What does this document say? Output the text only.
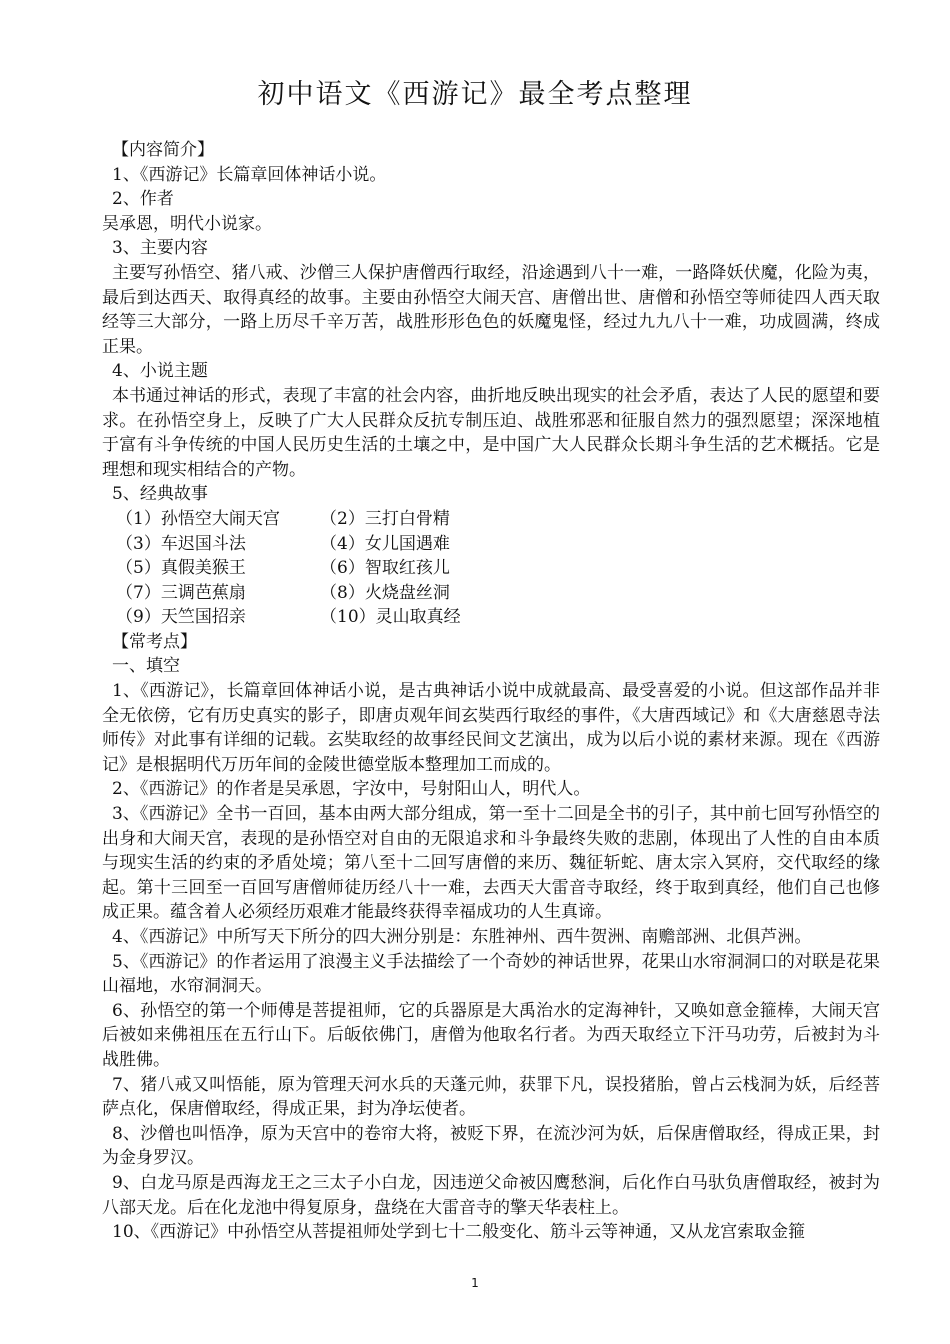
初中语文《西游记》最全考点整理
【内容简介】
1、《西游记》长篇章回体神话小说。
2、作者
吴承恩，明代小说家。
3、主要内容
主要写孙悟空、猪八戒、沙僧三人保护唐僧西行取经，沿途遇到八十一难，一路降妖伏魔，化险为夷，最后到达西天、取得真经的故事。主要由孙悟空大闹天宫、唐僧出世、唐僧和孙悟空等师徒四人西天取经等三大部分，一路上历尽千辛万苦，战胜形形色色的妖魔鬼怪，经过九九八十一难，功成圆满，终成正果。
4、小说主题
本书通过神话的形式，表现了丰富的社会内容，曲折地反映出现实的社会矛盾，表达了人民的愿望和要求。在孙悟空身上，反映了广大人民群众反抗专制压迫、战胜邪恶和征服自然力的强烈愿望；深深地植于富有斗争传统的中国人民历史生活的土壤之中，是中国广大人民群众长期斗争生活的艺术概括。它是理想和现实相结合的产物。
5、经典故事
（1）孙悟空大闹天宫	（2）三打白骨精
（3）车迟国斗法	（4）女儿国遇难
（5）真假美猴王	（6）智取红孩儿
（7）三调芭蕉扇	（8）火烧盘丝洞
（9）天竺国招亲	（10）灵山取真经
【常考点】
一、填空
1、《西游记》，长篇章回体神话小说，是古典神话小说中成就最高、最受喜爱的小说。但这部作品并非全无依傍，它有历史真实的影子，即唐贞观年间玄奘西行取经的事件，《大唐西域记》和《大唐慈恩寺法师传》对此事有详细的记载。玄奘取经的故事经民间文艺演出，成为以后小说的素材来源。现在《西游记》是根据明代万历年间的金陵世德堂版本整理加工而成的。
2、《西游记》的作者是吴承恩，字汝中，号射阳山人，明代人。
3、《西游记》全书一百回，基本由两大部分组成，第一至十二回是全书的引子，其中前七回写孙悟空的出身和大闹天宫，表现的是孙悟空对自由的无限追求和斗争最终失败的悲剧，体现出了人性的自由本质与现实生活的约束的矛盾处境；第八至十二回写唐僧的来历、魏征斩蛇、唐太宗入冥府，交代取经的缘起。第十三回至一百回写唐僧师徒历经八十一难，去西天大雷音寺取经，终于取到真经，他们自己也修成正果。蕴含着人必须经历艰难才能最终获得幸福成功的人生真谛。
4、《西游记》中所写天下所分的四大洲分别是：东胜神州、西牛贺洲、南赡部洲、北俱芦洲。
5、《西游记》的作者运用了浪漫主义手法描绘了一个奇妙的神话世界，花果山水帘洞洞口的对联是花果山福地，水帘洞洞天。
6、孙悟空的第一个师傅是菩提祖师，它的兵器原是大禹治水的定海神针，又唤如意金箍棒，大闹天宫后被如来佛祖压在五行山下。后皈依佛门，唐僧为他取名行者。为西天取经立下汗马功劳，后被封为斗战胜佛。
7、猪八戒又叫悟能，原为管理天河水兵的天蓬元帅，获罪下凡，误投猪胎，曾占云栈洞为妖，后经菩萨点化，保唐僧取经，得成正果，封为净坛使者。
8、沙僧也叫悟净，原为天宫中的卷帘大将，被贬下界，在流沙河为妖，后保唐僧取经，得成正果，封为金身罗汉。
9、白龙马原是西海龙王之三太子小白龙，因违逆父命被囚鹰愁涧，后化作白马驮负唐僧取经，被封为八部天龙。后在化龙池中得复原身，盘绕在大雷音寺的擎天华表柱上。
10、《西游记》中孙悟空从菩提祖师处学到七十二般变化、筋斗云等神通，又从龙宫索取金箍
1
